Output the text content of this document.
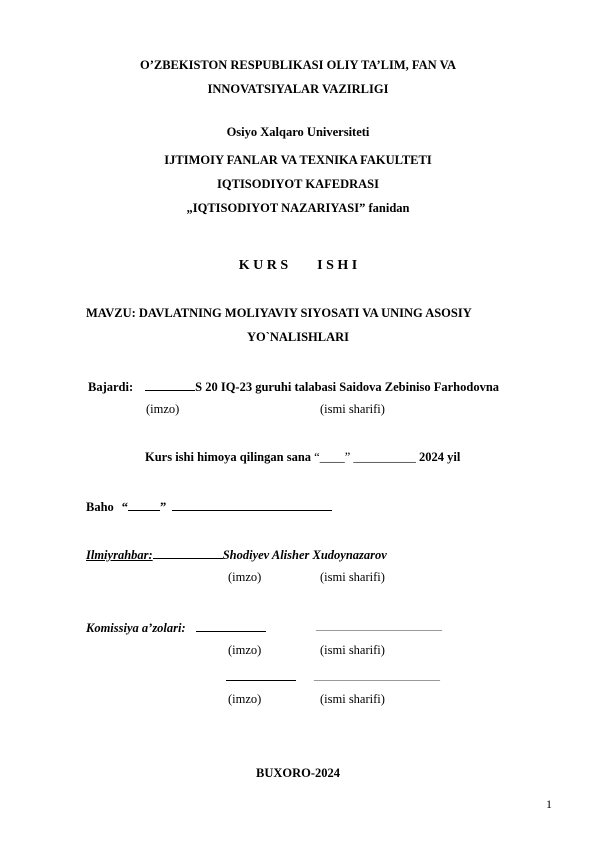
O’ZBEKISTON RESPUBLIKASI OLIY TA’LIM, FAN VA
INNOVATSIYALAR VAZIRLIGI
Osiyo Xalqaro Universiteti
IJTIMOIY FANLAR VA TEXNIKA FAKULTETI
IQTISODIYOT KAFEDRASI
„IQTISODIYOT NAZARIYASI” fanidan
K U R S I S H I
MAVZU: DAVLATNING MOLIYAVIY SIYOSATI VA UNING ASOSIY
YO`NALISHLARI
Bajardi:	S 20 IQ-23 guruhi talabasi Saidova Zebiniso Farhodovna
(imzo)	(ismi sharifi)
Kurs ishi himoya qilingan sana “____” __________ 2024 yil
Baho “	”
Ilmiyrahbar:	Shodiyev Alisher Xudoynazarov
(imzo)	(ismi sharifi)
Komissiya a’zolari:	_____________________
(imzo)	(ismi sharifi)
_____________________
(imzo)	(ismi sharifi)
BUXORO-2024
1
